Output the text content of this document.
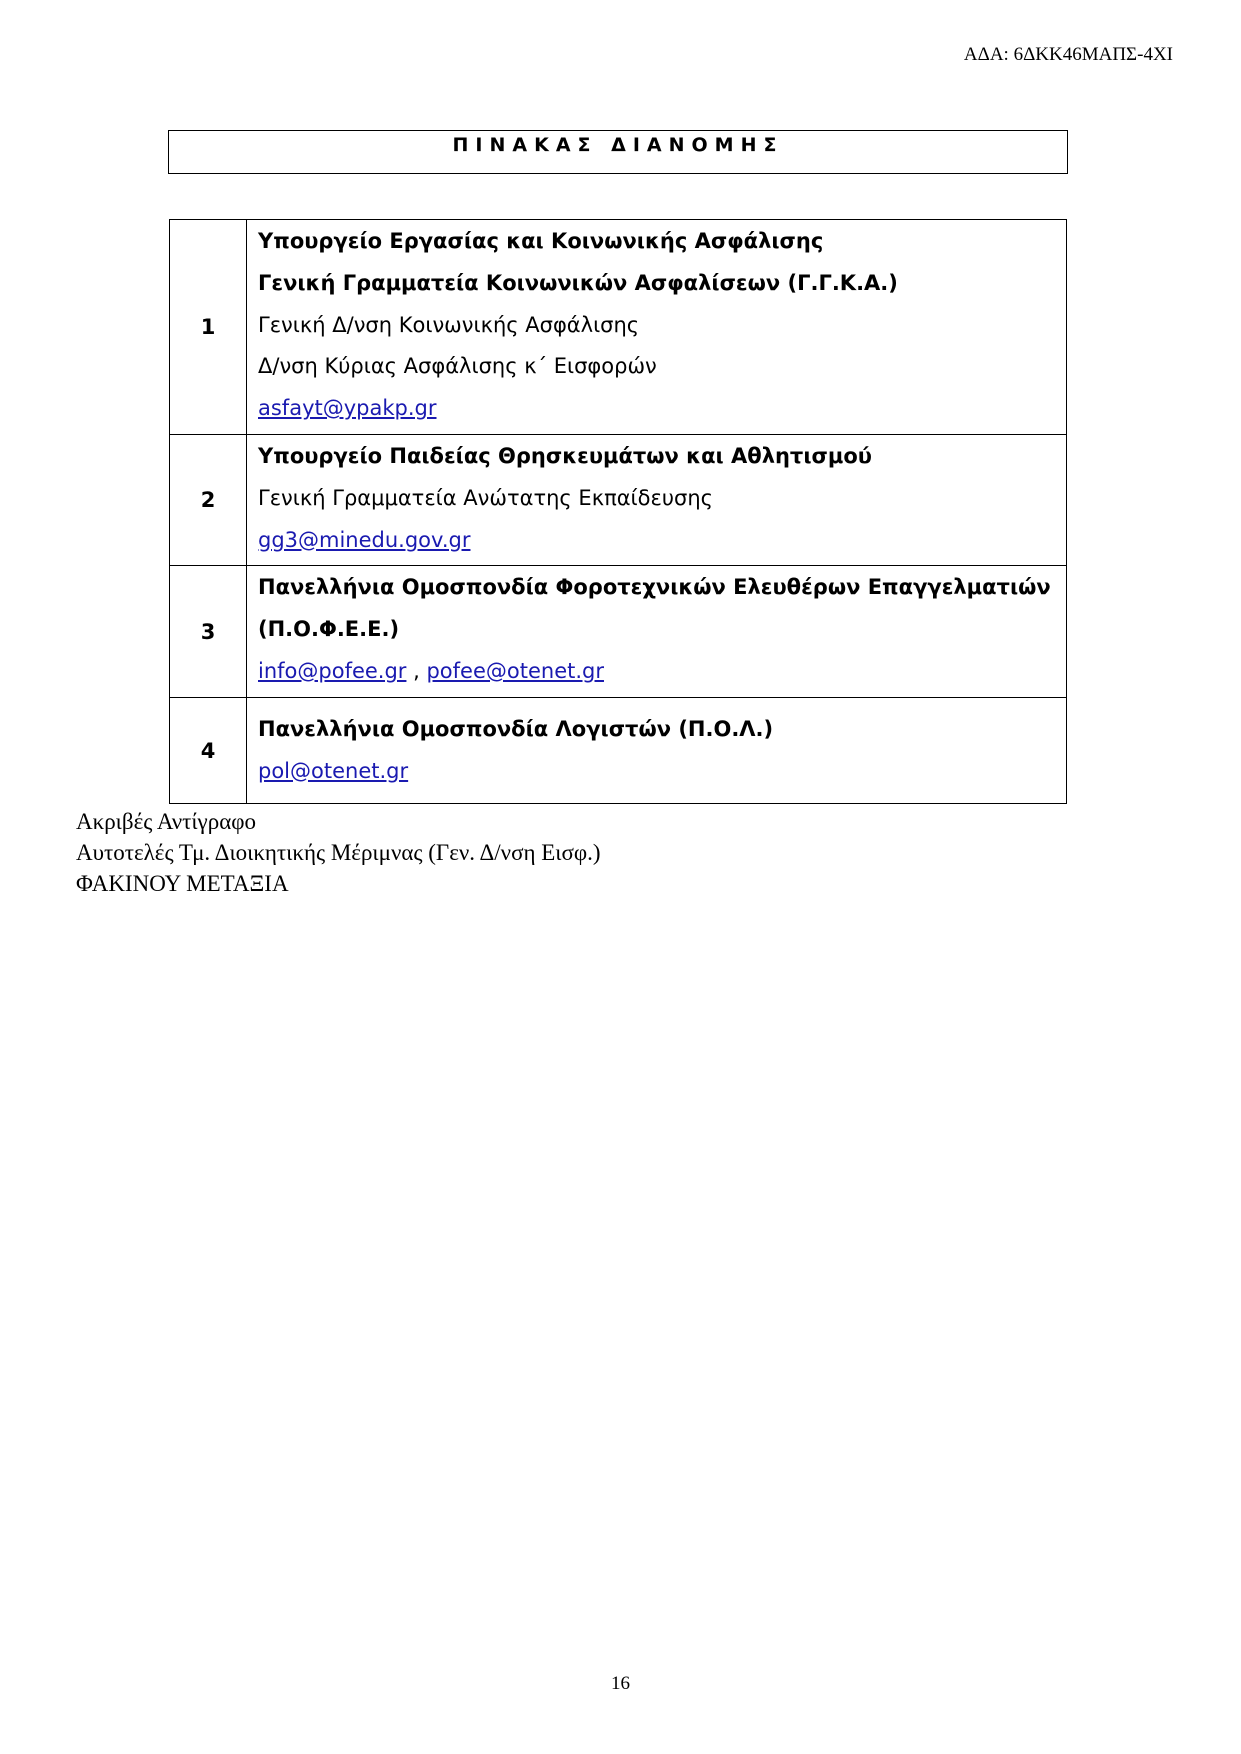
ΑΔΑ: 6ΔΚΚ46ΜΑΠΣ-4ΧΙ
ΠΙΝΑΚΑΣ ΔΙΑΝΟΜΗΣ
1	Υπουργείο Εργασίας και Κοινωνικής Ασφάλισης
Γενική Γραμματεία Κοινωνικών Ασφαλίσεων (Γ.Γ.Κ.Α.)
Γενική Δ/νση Κοινωνικής Ασφάλισης
Δ/νση Κύριας Ασφάλισης κ΄ Εισφορών
asfayt@ypakp.gr

2	Υπουργείο Παιδείας Θρησκευμάτων και Αθλητισμού
Γενική Γραμματεία Ανώτατης Εκπαίδευσης
gg3@minedu.gov.gr

3	Πανελλήνια Ομοσπονδία Φοροτεχνικών Ελευθέρων Επαγγελματιών
(Π.Ο.Φ.Ε.Ε.)
info@pofee.gr , pofee@otenet.gr

4	Πανελλήνια Ομοσπονδία Λογιστών (Π.Ο.Λ.)
pol@otenet.gr
Ακριβές Αντίγραφο
Αυτοτελές Τμ. Διοικητικής Μέριμνας (Γεν. Δ/νση Εισφ.)
ΦΑΚΙΝΟΥ ΜΕΤΑΞΙΑ
16
